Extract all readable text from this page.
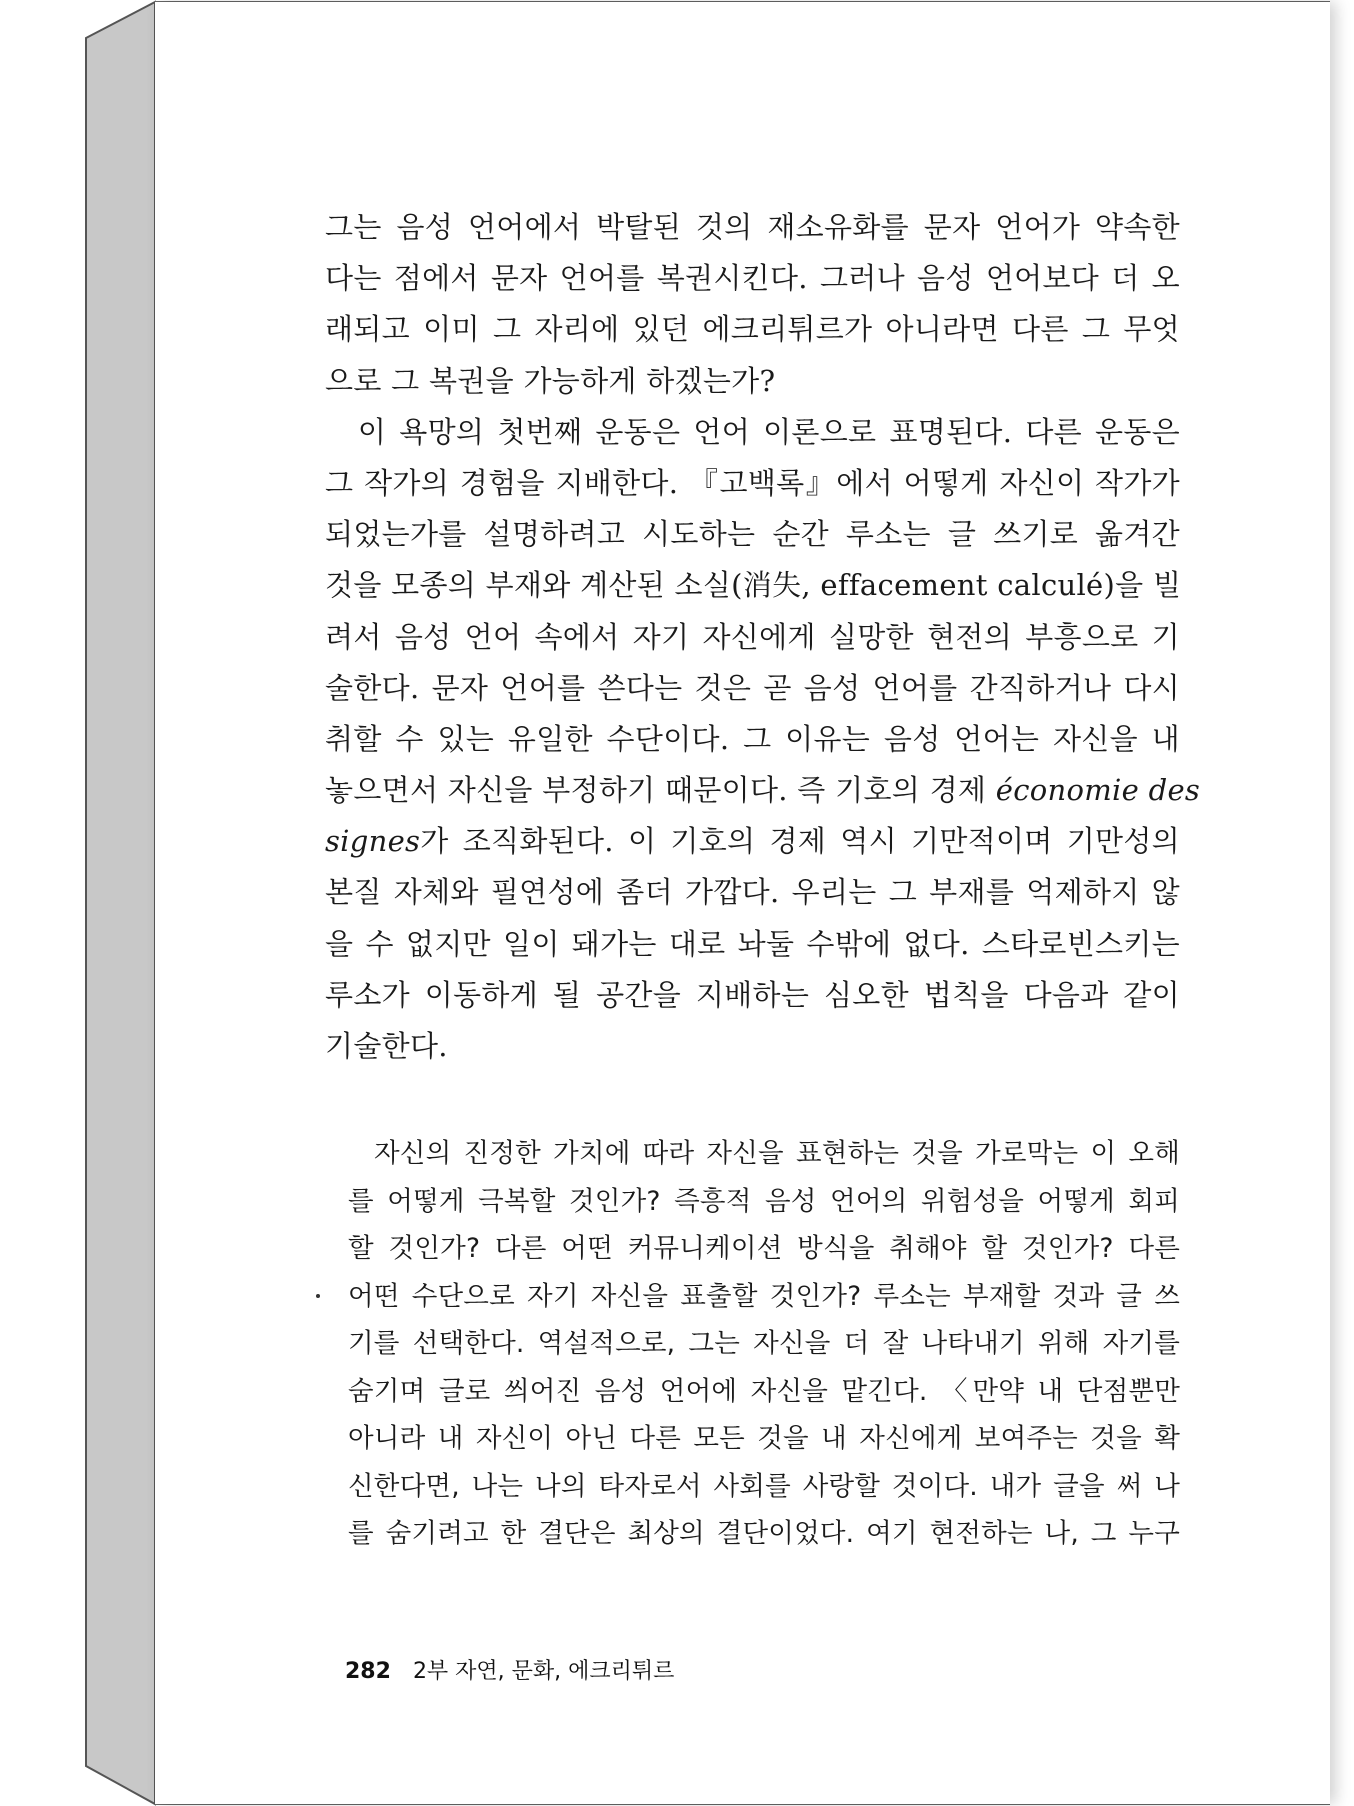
그는 음성 언어에서 박탈된 것의 재소유화를 문자 언어가 약속한
다는 점에서 문자 언어를 복권시킨다. 그러나 음성 언어보다 더 오
래되고 이미 그 자리에 있던 에크리튀르가 아니라면 다른 그 무엇
으로 그 복권을 가능하게 하겠는가?
　이 욕망의 첫번째 운동은 언어 이론으로 표명된다. 다른 운동은
그 작가의 경험을 지배한다. 『고백록』에서 어떻게 자신이 작가가
되었는가를 설명하려고 시도하는 순간 루소는 글 쓰기로 옮겨간
것을 모종의 부재와 계산된 소실(消失, effacement calculé)을 빌
려서 음성 언어 속에서 자기 자신에게 실망한 현전의 부흥으로 기
술한다. 문자 언어를 쓴다는 것은 곧 음성 언어를 간직하거나 다시
취할 수 있는 유일한 수단이다. 그 이유는 음성 언어는 자신을 내
놓으면서 자신을 부정하기 때문이다. 즉 기호의 경제 économie des
signes가 조직화된다. 이 기호의 경제 역시 기만적이며 기만성의
본질 자체와 필연성에 좀더 가깝다. 우리는 그 부재를 억제하지 않
을 수 없지만 일이 돼가는 대로 놔둘 수밖에 없다. 스타로빈스키는
루소가 이동하게 될 공간을 지배하는 심오한 법칙을 다음과 같이
기술한다.
자신의 진정한 가치에 따라 자신을 표현하는 것을 가로막는 이 오해
를 어떻게 극복할 것인가? 즉흥적 음성 언어의 위험성을 어떻게 회피
할 것인가? 다른 어떤 커뮤니케이션 방식을 취해야 할 것인가? 다른
어떤 수단으로 자기 자신을 표출할 것인가? 루소는 부재할 것과 글 쓰
기를 선택한다. 역설적으로, 그는 자신을 더 잘 나타내기 위해 자기를
숨기며 글로 씌어진 음성 언어에 자신을 맡긴다. 〈만약 내 단점뿐만
아니라 내 자신이 아닌 다른 모든 것을 내 자신에게 보여주는 것을 확
신한다면, 나는 나의 타자로서 사회를 사랑할 것이다. 내가 글을 써 나
를 숨기려고 한 결단은 최상의 결단이었다. 여기 현전하는 나, 그 누구
282 2부 자연, 문화, 에크리튀르
